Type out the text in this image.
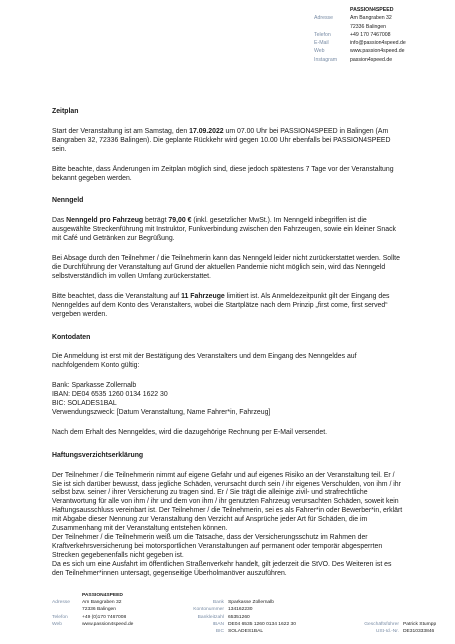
PASSION4SPEED
Adresse	Am Bangraben 32
72336 Balingen
Telefon	+49 170 7467008
E-Mail	info@passion4speed.de
Web	www.passion4speed.de
Instagram	passion4speed.de
Zeitplan

Start der Veranstaltung ist am Samstag, den 17.09.2022 um 07.00 Uhr bei PASSION4SPEED in Balingen (Am Bangraben 32, 72336 Balingen). Die geplante Rückkehr wird gegen 10.00 Uhr ebenfalls bei PASSION4SPEED sein.

Bitte beachte, dass Änderungen im Zeitplan möglich sind, diese jedoch spätestens 7 Tage vor der Veranstaltung bekannt gegeben werden.

Nenngeld

Das Nenngeld pro Fahrzeug beträgt 79,00 € (inkl. gesetzlicher MwSt.). Im Nenngeld inbegriffen ist die ausgewählte Streckenführung mit Instruktor, Funkverbindung zwischen den Fahrzeugen, sowie ein kleiner Snack mit Café und Getränken zur Begrüßung.

Bei Absage durch den Teilnehmer / die Teilnehmerin kann das Nenngeld leider nicht zurückerstattet werden. Sollte die Durchführung der Veranstaltung auf Grund der aktuellen Pandemie nicht möglich sein, wird das Nenngeld selbstverständlich im vollen Umfang zurückerstattet.

Bitte beachtet, dass die Veranstaltung auf 11 Fahrzeuge limitiert ist. Als Anmeldezeitpunkt gilt der Eingang des Nenngeldes auf dem Konto des Veranstalters, wobei die Startplätze nach dem Prinzip „first come, first served“ vergeben werden.

Kontodaten

Die Anmeldung ist erst mit der Bestätigung des Veranstalters und dem Eingang des Nenngeldes auf nachfolgendem Konto gültig:

Bank: Sparkasse Zollernalb
IBAN: DE04 6535 1260 0134 1622 30
BIC: SOLADES1BAL
Verwendungszweck: [Datum Veranstaltung, Name Fahrer*in, Fahrzeug]

Nach dem Erhalt des Nenngeldes, wird die dazugehörige Rechnung per E-Mail versendet.

Haftungsverzichtserklärung
Der Teilnehmer / die Teilnehmerin nimmt auf eigene Gefahr und auf eigenes Risiko an der Veranstaltung teil. Er / Sie ist sich darüber bewusst, dass jegliche Schäden, verursacht durch sein / ihr eigenes Verschulden, von ihm / ihr selbst bzw. seiner / ihrer Versicherung zu tragen sind. Er / Sie trägt die alleinige zivil- und strafrechtliche Verantwortung für alle von ihm / ihr und dem von ihm / ihr genutzten Fahrzeug verursachten Schäden, soweit kein Haftungsausschluss vereinbart ist. Der Teilnehmer / die Teilnehmerin, sei es als Fahrer*in oder Bewerber*in, erklärt mit Abgabe dieser Nennung zur Veranstaltung den Verzicht auf Ansprüche jeder Art für Schäden, die im Zusammenhang mit der Veranstaltung entstehen können.
Der Teilnehmer / die Teilnehmerin weiß um die Tatsache, dass der Versicherungsschutz im Rahmen der Kraftverkehrsversicherung bei motorsportlichen Veranstaltungen auf permanent oder temporär abgesperrten Strecken gegebenenfalls nicht gegeben ist.
Da es sich um eine Ausfahrt im öffentlichen Straßenverkehr handelt, gilt jederzeit die StVO. Des Weiteren ist es den Teilnehmer*innen untersagt, gegenseitige Überholmanöver auszuführen.
PASSION4SPEED
Adresse	Am Bangraben 32
72336 Balingen
Telefon	+49 (0)170 7467008
Web	www.passion4speed.de
Bank Sparkasse Zollernalb
Kontonummer 134162230
Bankleitzahl 65351260
IBAN DE04 6535 1260 0134 1622 30
BIC SOLADES1BAL
Geschäftsführer Patrick Stumpp
USt-Id.-Nr. DE310333846
